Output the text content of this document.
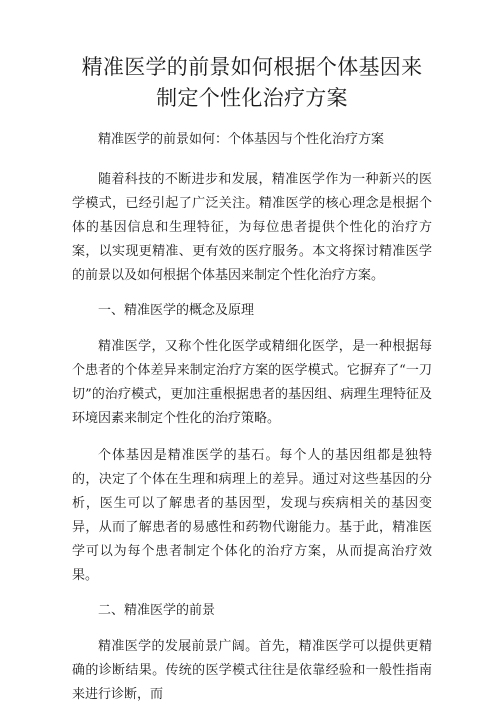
精准医学的前景如何根据个体基因来制定个性化治疗方案

精准医学的前景如何：个体基因与个性化治疗方案

随着科技的不断进步和发展，精准医学作为一种新兴的医学模式，已经引起了广泛关注。精准医学的核心理念是根据个体的基因信息和生理特征，为每位患者提供个性化的治疗方案，以实现更精准、更有效的医疗服务。本文将探讨精准医学的前景以及如何根据个体基因来制定个性化治疗方案。

一、精准医学的概念及原理

精准医学，又称个性化医学或精细化医学，是一种根据每个患者的个体差异来制定治疗方案的医学模式。它摒弃了“一刀切”的治疗模式，更加注重根据患者的基因组、病理生理特征及环境因素来制定个性化的治疗策略。

个体基因是精准医学的基石。每个人的基因组都是独特的，决定了个体在生理和病理上的差异。通过对这些基因的分析，医生可以了解患者的基因型，发现与疾病相关的基因变异，从而了解患者的易感性和药物代谢能力。基于此，精准医学可以为每个患者制定个体化的治疗方案，从而提高治疗效果。

二、精准医学的前景

精准医学的发展前景广阔。首先，精准医学可以提供更精确的诊断结果。传统的医学模式往往是依靠经验和一般性指南来进行诊断，而
